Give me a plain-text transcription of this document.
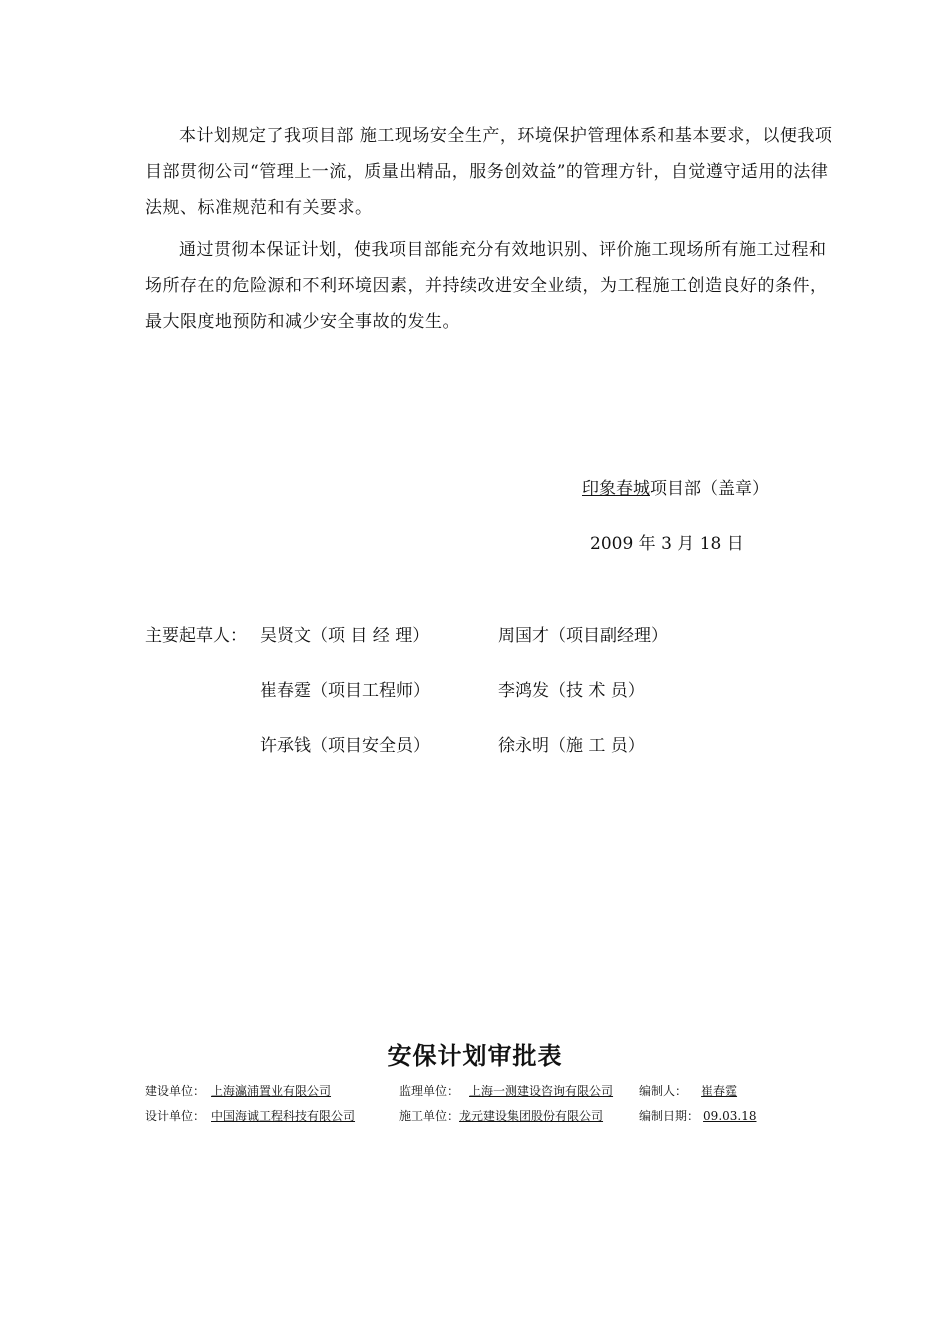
本计划规定了我项目部 施工现场安全生产，环境保护管理体系和基本要求，以便我项目部贯彻公司“管理上一流，质量出精品，服务创效益”的管理方针，自觉遵守适用的法律法规、标准规范和有关要求。

通过贯彻本保证计划，使我项目部能充分有效地识别、评价施工现场所有施工过程和场所存在的危险源和不利环境因素，并持续改进安全业绩，为工程施工创造良好的条件，最大限度地预防和减少安全事故的发生。

印象春城项目部（盖章）
2009 年 3 月 18 日
主要起草人： 吴贤文（项 目 经 理）	周国才（项目副经理）
崔春霆（项目工程师）	李鸿发（技 术 员）
许承钱（项目安全员）	徐永明（施 工 员）
安保计划审批表
建设单位： 上海瀛浦置业有限公司	监理单位： 上海一测建设咨询有限公司 编制人： 崔春霆
设计单位： 中国海诚工程科技有限公司	施工单位：龙元建设集团股份有限公司	编制日期： 09.03.18
